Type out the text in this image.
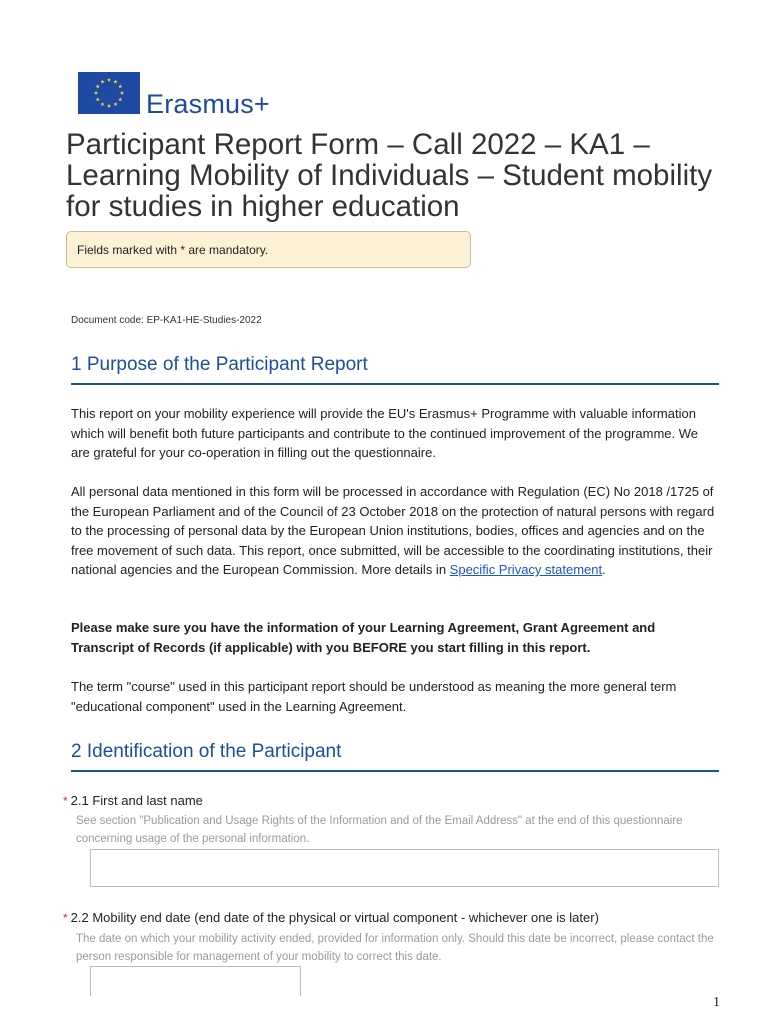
Erasmus+
Participant Report Form – Call 2022 – KA1 – Learning Mobility of Individuals – Student mobility for studies in higher education
Fields marked with * are mandatory.
Document code: EP-KA1-HE-Studies-2022
1 Purpose of the Participant Report

This report on your mobility experience will provide the EU's Erasmus+ Programme with valuable information which will benefit both future participants and contribute to the continued improvement of the programme. We are grateful for your co-operation in filling out the questionnaire.

All personal data mentioned in this form will be processed in accordance with Regulation (EC) No 2018 /1725 of the European Parliament and of the Council of 23 October 2018 on the protection of natural persons with regard to the processing of personal data by the European Union institutions, bodies, offices and agencies and on the free movement of such data. This report, once submitted, will be accessible to the coordinating institutions, their national agencies and the European Commission. More details in Specific Privacy statement.

Please make sure you have the information of your Learning Agreement, Grant Agreement and Transcript of Records (if applicable) with you BEFORE you start filling in this report.

The term "course" used in this participant report should be understood as meaning the more general term "educational component" used in the Learning Agreement.

2 Identification of the Participant
* 2.1 First and last name

See section "Publication and Usage Rights of the Information and of the Email Address" at the end of this questionnaire concerning usage of the personal information.

* 2.2 Mobility end date (end date of the physical or virtual component - whichever one is later)

The date on which your mobility activity ended, provided for information only. Should this date be incorrect, please contact the person responsible for management of your mobility to correct this date.

1
